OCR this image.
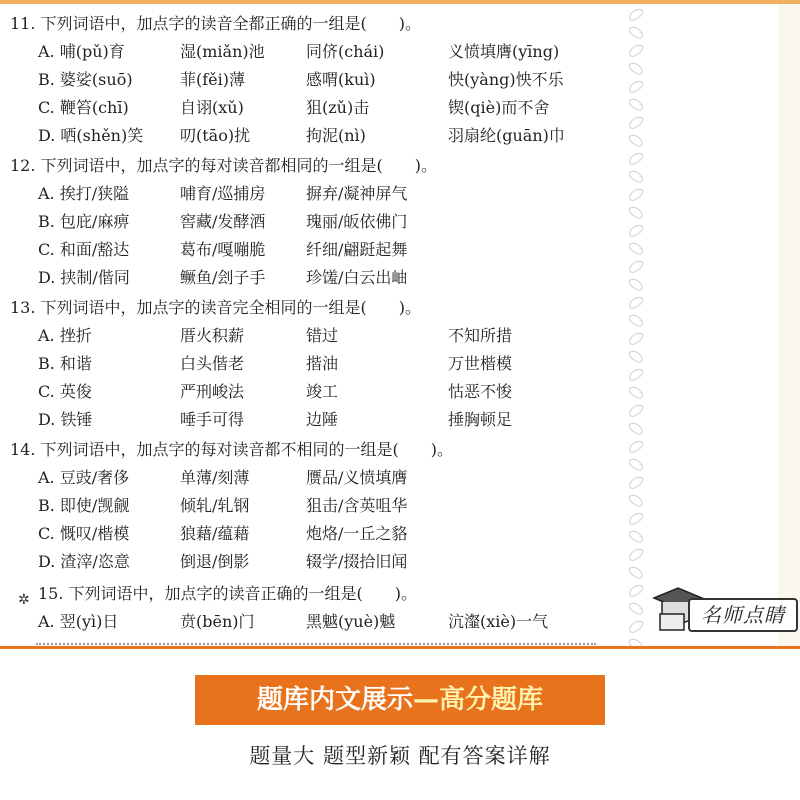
11. 下列词语中，加点字的读音全都正确的一组是(　　)。
A. 哺(pǔ)育	湿(miǎn)池	同侪(chái)	义愤填膺(yīng)
B. 婆娑(suō)	菲(fěi)薄	感喟(kuì)	怏(yàng)怏不乐
C. 鞭笞(chī)	自诩(xǔ)	狙(zǔ)击	锲(qiè)而不舍
D. 哂(shěn)笑 叨(tāo)扰	拘泥(nì)	羽扇纶(guān)巾
12. 下列词语中，加点字的每对读音都相同的一组是(　　)。
A. 挨打/狭隘	哺育/巡捕房	摒弃/凝神屏气
B. 包庇/麻痹	窖藏/发酵酒	瑰丽/皈依佛门
C. 和面/豁达	葛布/嘎嘣脆	纤细/翩跹起舞
D. 挟制/偕同	鳜鱼/刽子手	珍馐/白云出岫
13. 下列词语中，加点字的读音完全相同的一组是(　　)。
A. 挫折	厝火积薪	错过	不知所措
B. 和谐	白头偕老	揩油	万世楷模
C. 英俊	严刑峻法	竣工	怙恶不悛
D. 铁锤	唾手可得	边陲	捶胸顿足
14. 下列词语中，加点字的每对读音都不相同的一组是(　　)。
A. 豆豉/奢侈	单薄/刻薄	赝品/义愤填膺
B. 即使/觊觎	倾轧/轧钢	狙击/含英咀华
C. 慨叹/楷模	狼藉/蕴藉	炮烙/一丘之貉
D. 渣滓/恣意	倒退/倒影	辍学/掇拾旧闻
✲ 15. 下列词语中，加点字的读音正确的一组是(　　)。
A. 翌(yì)日	贲(bēn)门	黑魆(yuè)魆	沆瀣(xiè)一气	名师点睛
题库内文展示—高分题库
题量大 题型新颖 配有答案详解
